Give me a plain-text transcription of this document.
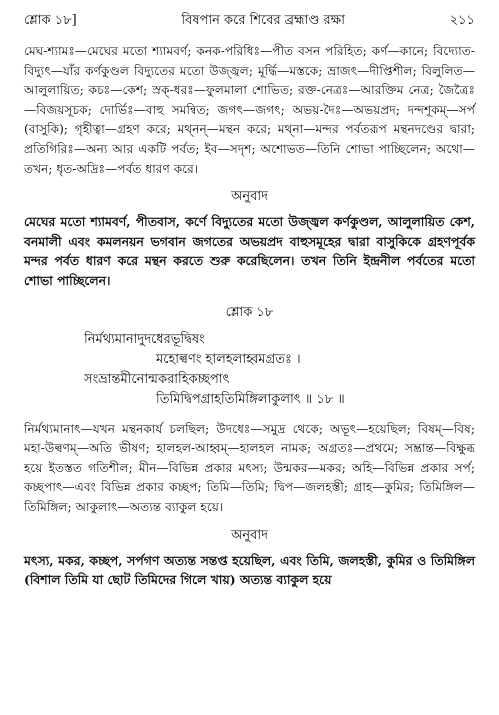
শ্লোক ১৮]	বিষপান করে শিবের ব্রহ্মাণ্ড রক্ষা	২১১

মেঘ-শ্যামঃ—মেঘের মতো শ্যামবর্ণ; কনক-পরিধিঃ—পীত বসন পরিহিত; কর্ণ—কানে; বিদ্যোত-বিদ্যুৎ—যাঁর কর্ণকুণ্ডল বিদ্যুতের মতো উজ্জ্বল; মূর্দ্ধি—মস্তকে; ভ্রাজৎ—দীপ্তিশীল; বিলুলিত—আলুলায়িত; কচঃ—কেশ; স্রক্‌-ধরঃ—ফুলমালা শোভিত; রক্ত-নেত্রঃ—আরক্তিম নেত্র; জৈত্রৈঃ—বিজয়সূচক; দোর্ভিঃ—বাহু সমন্বিত; জগৎ—জগৎ; অভয়-দৈঃ—অভয়প্রদ; দন্দশূকম্—সর্প (বাসুকি); গৃহীত্বা—গ্রহণ করে; মথ্নন্—মন্থন করে; মথ্না—মন্দর পর্বতরূপ মন্থনদণ্ডের দ্বারা; প্রতিগিরিঃ—অন্য আর একটি পর্বত; ইব—সদৃশ; অশোভত—তিনি শোভা পাচ্ছিলেন; অথো—তখন; ধৃত-অদ্রিঃ—পর্বত ধারণ করে।

অনুবাদ

মেঘের মতো শ্যামবর্ণ, পীতবাস, কর্ণে বিদ্যুতের মতো উজ্জ্বল কর্ণকুণ্ডল, আলুলায়িত কেশ, বনমালী এবং কমলনয়ন ভগবান জগতের অভয়প্রদ বাহুসমূহের দ্বারা বাসুকিকে গ্রহণপূর্বক মন্দর পর্বত ধারণ করে মন্থন করতে শুরু করেছিলেন। তখন তিনি ইন্দ্রনীল পর্বতের মতো শোভা পাচ্ছিলেন।

শ্লোক ১৮
নির্মথ্যমানাদুদধেরভূদ্বিষং
মহোল্বণং হালহলাহ্বমগ্রতঃ ।
সংভ্রান্তমীনোন্মকরাহিকচ্ছপাৎ
তিমিদ্বিপগ্রাহতিমিঙ্গিলাকুলাৎ ॥ ১৮ ॥

নির্মথ্যমানাৎ—যখন মন্থনকার্য চলছিল; উদধেঃ—সমুদ্র থেকে; অভূৎ—হয়েছিল; বিষম্—বিষ; মহা-উল্বণম্—অতি ভীষণ; হালহল-আহ্বম্—হালহল নামক; অগ্রতঃ—প্রথমে; সম্ভ্রান্ত—বিক্ষুব্ধ হয়ে ইতস্তত গতিশীল; মীন—বিভিন্ন প্রকার মৎস্য; উন্মকর—মকর; অহি—বিভিন্ন প্রকার সর্প; কচ্ছপাৎ—এবং বিভিন্ন প্রকার কচ্ছপ; তিমি—তিমি; দ্বিপ—জলহস্তী; গ্রাহ—কুমির; তিমিঙ্গিল—তিমিঙ্গিল; আকুলাৎ—অত্যন্ত ব্যাকুল হয়ে।

অনুবাদ

মৎস্য, মকর, কচ্ছপ, সর্পগণ অত্যন্ত সন্তপ্ত হয়েছিল, এবং তিমি, জলহস্তী, কুমির ও তিমিঙ্গিল (বিশাল তিমি যা ছোট তিমিদের গিলে খায়) অত্যন্ত ব্যাকুল হয়ে
